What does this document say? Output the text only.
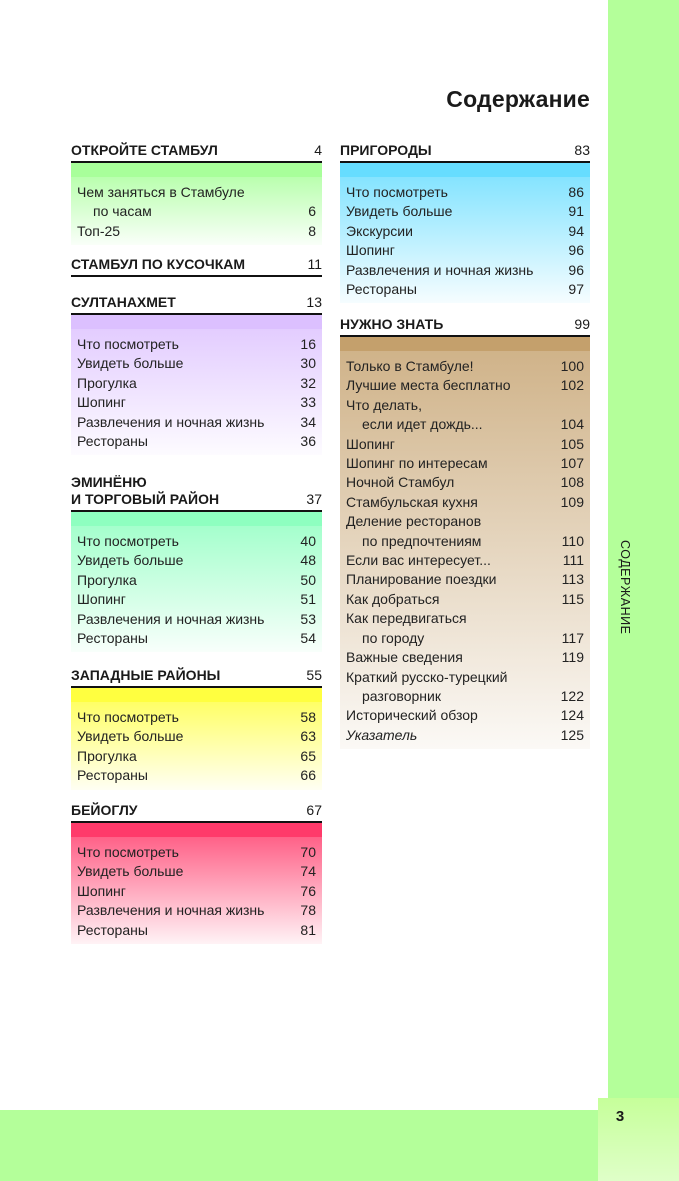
СОДЕРЖАНИЕ
3
Содержание
ОТКРОЙТЕ СТАМБУЛ	4
Чем заняться в Стамбуле
по часам	6
Топ-25	8
СТАМБУЛ ПО КУСОЧКАМ	11
СУЛТАНАХМЕТ	13
Что посмотреть	16
Увидеть больше	30
Прогулка	32
Шопинг	33
Развлечения и ночная жизнь	34
Рестораны	36
ЭМИНЁНЮ
И ТОРГОВЫЙ РАЙОН	37
Что посмотреть	40
Увидеть больше	48
Прогулка	50
Шопинг	51
Развлечения и ночная жизнь	53
Рестораны	54
ЗАПАДНЫЕ РАЙОНЫ	55
Что посмотреть	58
Увидеть больше	63
Прогулка	65
Рестораны	66
БЕЙОГЛУ	67
Что посмотреть	70
Увидеть больше	74
Шопинг	76
Развлечения и ночная жизнь	78
Рестораны	81
ПРИГОРОДЫ	83
Что посмотреть	86
Увидеть больше	91
Экскурсии	94
Шопинг	96
Развлечения и ночная жизнь 96
Рестораны	97
НУЖНО ЗНАТЬ	99
Только в Стамбуле!	100
Лучшие места бесплатно	102
Что делать,
если идет дождь...	104
Шопинг	105
Шопинг по интересам	107
Ночной Стамбул	108
Стамбульская кухня	109
Деление ресторанов
по предпочтениям	110
Если вас интересует...	111
Планирование поездки	113
Как добраться	115
Как передвигаться
по городу	117
Важные сведения	119
Краткий русско-турецкий
разговорник	122
Исторический обзор	124
Указатель	125
